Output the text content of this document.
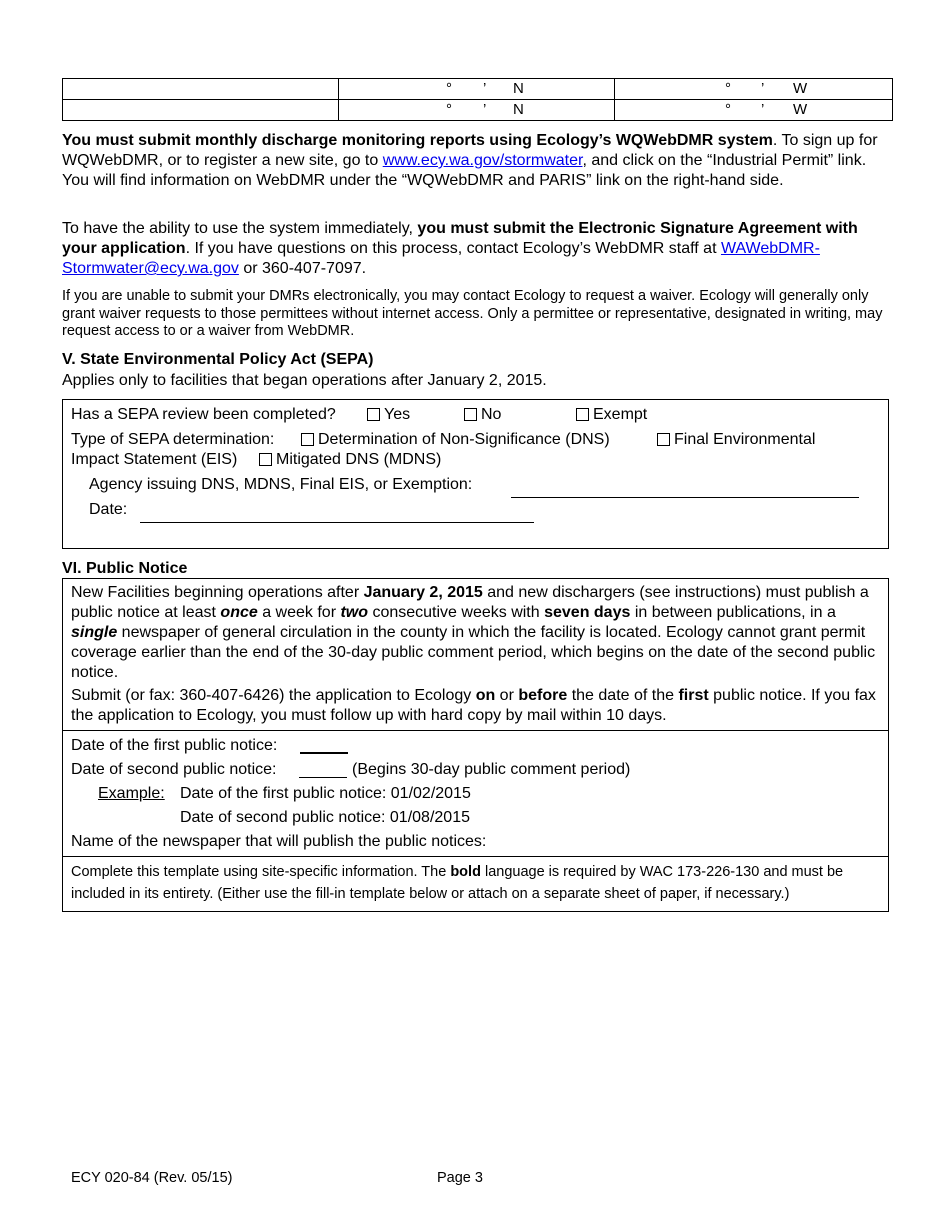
	° ’ N	° ’ W

	° ’ N	° ’ W
You must submit monthly discharge monitoring reports using Ecology’s WQWebDMR system. To sign up for WQWebDMR, or to register a new site, go to www.ecy.wa.gov/stormwater, and click on the “Industrial Permit” link. You will find information on WebDMR under the “WQWebDMR and PARIS” link on the right-hand side.
To have the ability to use the system immediately, you must submit the Electronic Signature Agreement with your application. If you have questions on this process, contact Ecology’s WebDMR staff at WAWebDMR-Stormwater@ecy.wa.gov or 360-407-7097.
If you are unable to submit your DMRs electronically, you may contact Ecology to request a waiver. Ecology will generally only grant waiver requests to those permittees without internet access. Only a permittee or representative, designated in writing, may request access to or a waiver from WebDMR.
V. State Environmental Policy Act (SEPA)
Applies only to facilities that began operations after January 2, 2015.
Has a SEPA review been completed?	Yes	No	Exempt
Type of SEPA determination:	Determination of Non-Significance (DNS)	Final Environmental
Impact Statement (EIS)	Mitigated DNS (MDNS)
Agency issuing DNS, MDNS, Final EIS, or Exemption:
Date:
VI. Public Notice
New Facilities beginning operations after January 2, 2015 and new dischargers (see instructions) must publish a public notice at least once a week for two consecutive weeks with seven days in between publications, in a single newspaper of general circulation in the county in which the facility is located. Ecology cannot grant permit coverage earlier than the end of the 30-day public comment period, which begins on the date of the second public notice.
Submit (or fax: 360-407-6426) the application to Ecology on or before the date of the first public notice. If you fax the application to Ecology, you must follow up with hard copy by mail within 10 days.
Date of the first public notice:
Date of second public notice:	(Begins 30-day public comment period)
Example: Date of the first public notice: 01/02/2015
Date of second public notice: 01/08/2015
Name of the newspaper that will publish the public notices:
Complete this template using site-specific information. The bold language is required by WAC 173-226-130 and must be included in its entirety. (Either use the fill-in template below or attach on a separate sheet of paper, if necessary.)
ECY 020-84 (Rev. 05/15)	Page 3
